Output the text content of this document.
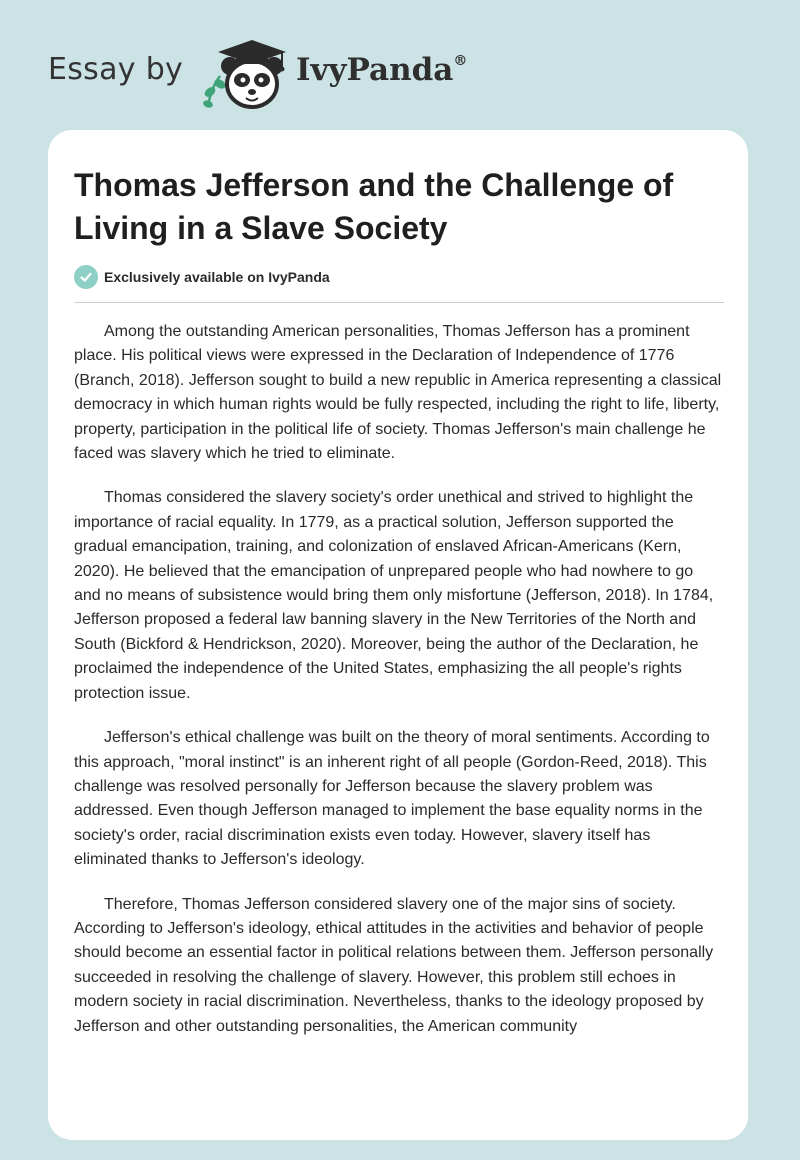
Essay by	IvyPanda®
Thomas Jefferson and the Challenge of Living in a Slave Society
Exclusively available on IvyPanda

Among the outstanding American personalities, Thomas Jefferson has a prominent place. His political views were expressed in the Declaration of Independence of 1776 (Branch, 2018). Jefferson sought to build a new republic in America representing a classical democracy in which human rights would be fully respected, including the right to life, liberty, property, participation in the political life of society. Thomas Jefferson's main challenge he faced was slavery which he tried to eliminate.

Thomas considered the slavery society's order unethical and strived to highlight the importance of racial equality. In 1779, as a practical solution, Jefferson supported the gradual emancipation, training, and colonization of enslaved African-Americans (Kern, 2020). He believed that the emancipation of unprepared people who had nowhere to go and no means of subsistence would bring them only misfortune (Jefferson, 2018). In 1784, Jefferson proposed a federal law banning slavery in the New Territories of the North and South (Bickford & Hendrickson, 2020). Moreover, being the author of the Declaration, he proclaimed the independence of the United States, emphasizing the all people's rights protection issue.

Jefferson's ethical challenge was built on the theory of moral sentiments. According to this approach, "moral instinct" is an inherent right of all people (Gordon-Reed, 2018). This challenge was resolved personally for Jefferson because the slavery problem was addressed. Even though Jefferson managed to implement the base equality norms in the society's order, racial discrimination exists even today. However, slavery itself has eliminated thanks to Jefferson's ideology.

Therefore, Thomas Jefferson considered slavery one of the major sins of society. According to Jefferson's ideology, ethical attitudes in the activities and behavior of people should become an essential factor in political relations between them. Jefferson personally succeeded in resolving the challenge of slavery. However, this problem still echoes in modern society in racial discrimination. Nevertheless, thanks to the ideology proposed by Jefferson and other outstanding personalities, the American community
